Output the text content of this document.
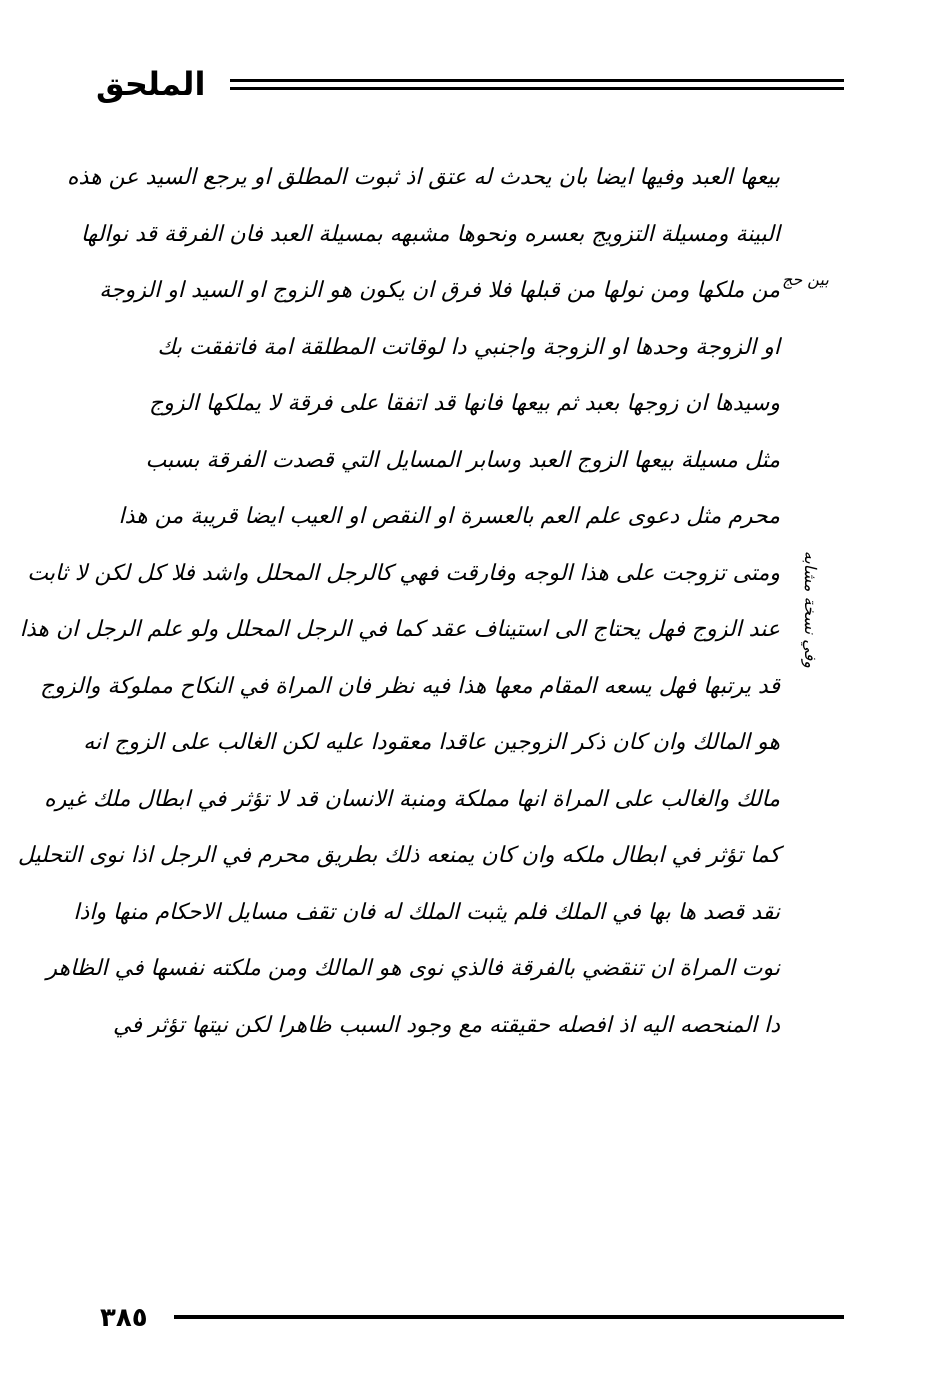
الملحق
بيعها العبد وفيها ايضا بان يحدث له عتق اذ ثبوت المطلق او يرجع السيد عن هذه
البينة ومسيلة التزويج بعسره ونحوها مشبهه بمسيلة العبد فان الفرقة قد نوالها
من ملكها ومن نولها من قبلها فلا فرق ان يكون هو الزوج او السيد او الزوجة
او الزوجة وحدها او الزوجة واجنبي دا لوقاتت المطلقة امة فاتفقت بك
وسيدها ان زوجها بعبد ثم بيعها فانها قد اتفقا على فرقة لا يملكها الزوج
مثل مسيلة بيعها الزوج العبد وسابر المسايل التي قصدت الفرقة بسبب
محرم مثل دعوى علم العم بالعسرة او النقص او العيب ايضا قريبة من هذا
ومتى تزوجت على هذا الوجه وفارقت فهي كالرجل المحلل واشد فلا كل لكن لا ثابت
عند الزوج فهل يحتاج الى استيناف عقد كما في الرجل المحلل ولو علم الرجل ان هذا
قد يرتبها فهل يسعه المقام معها هذا فيه نظر فان المراة في النكاح مملوكة والزوج
هو المالك وان كان ذكر الزوجين عاقدا معقودا عليه لكن الغالب على الزوج انه
مالك والغالب على المراة انها مملكة ومنبة الانسان قد لا تؤثر في ابطال ملك غيره
كما تؤثر في ابطال ملكه وان كان يمنعه ذلك بطريق محرم في الرجل اذا نوى التحليل
نقد قصد ها بها في الملك فلم يثبت الملك له فان تقف مسايل الاحكام منها واذا
نوت المراة ان تنقضي بالفرقة فالذي نوى هو المالك ومن ملكته نفسها في الظاهر
دا المنحصه اليه اذ افصله حقيقته مع وجود السبب ظاهرا لكن نيتها تؤثر في
بين حج
وفي نسخة مشابه
٣٨٥
